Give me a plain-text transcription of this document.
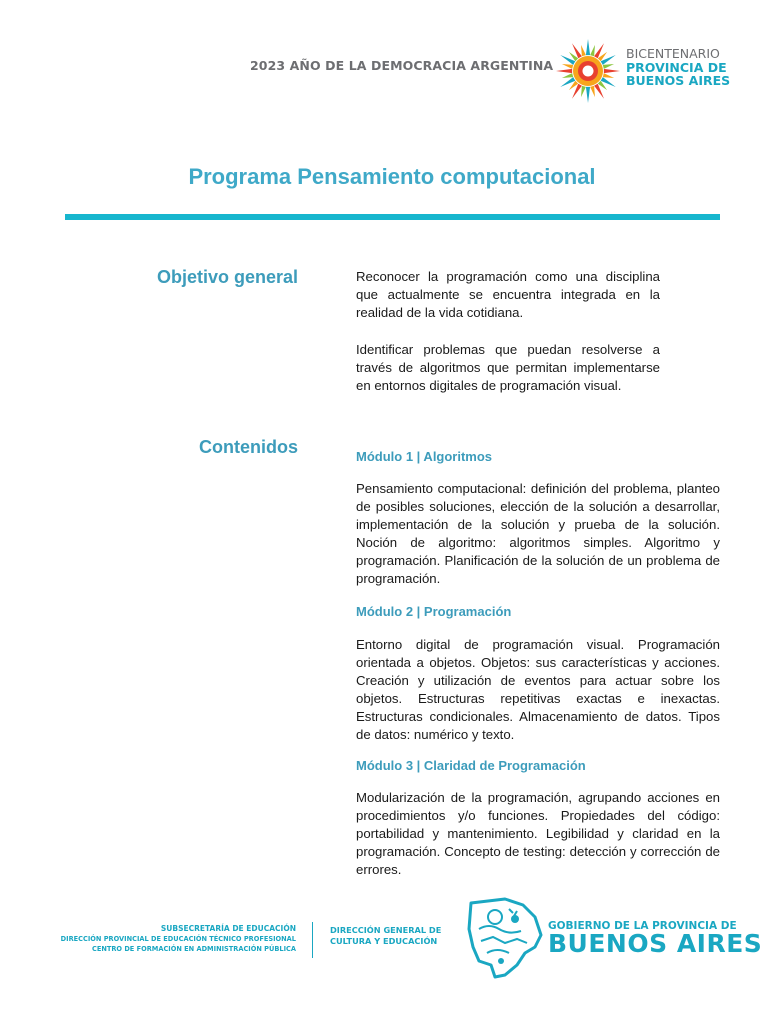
2023 AÑO DE LA DEMOCRACIA ARGENTINA
BICENTENARIO
PROVINCIA DE
BUENOS AIRES
Programa Pensamiento computacional
Objetivo general	Reconocer la programación como una disciplina que actualmente se encuentra integrada en la realidad de la vida cotidiana.
Identificar problemas que puedan resolverse a través de algoritmos que permitan implementarse en entornos digitales de programación visual.
Contenidos	Módulo 1 | Algoritmos
Pensamiento computacional: definición del problema, planteo de posibles soluciones, elección de la solución a desarrollar, implementación de la solución y prueba de la solución. Noción de algoritmo: algoritmos simples. Algoritmo y programación. Planificación de la solución de un problema de programación.
Módulo 2 | Programación
Entorno digital de programación visual. Programación orientada a objetos. Objetos: sus características y acciones. Creación y utilización de eventos para actuar sobre los objetos. Estructuras repetitivas exactas e inexactas. Estructuras condicionales. Almacenamiento de datos. Tipos de datos: numérico y texto.
Módulo 3 | Claridad de Programación
Modularización de la programación, agrupando acciones en procedimientos y/o funciones. Propiedades del código: portabilidad y mantenimiento. Legibilidad y claridad en la programación. Concepto de testing: detección y corrección de errores.
SUBSECRETARÍA DE EDUCACIÓN
DIRECCIÓN PROVINCIAL DE EDUCACIÓN TÉCNICO PROFESIONAL
CENTRO DE FORMACIÓN EN ADMINISTRACIÓN PÚBLICA
DIRECCIÓN GENERAL DE
CULTURA Y EDUCACIÓN
GOBIERNO DE LA PROVINCIA DE
BUENOS AIRES
